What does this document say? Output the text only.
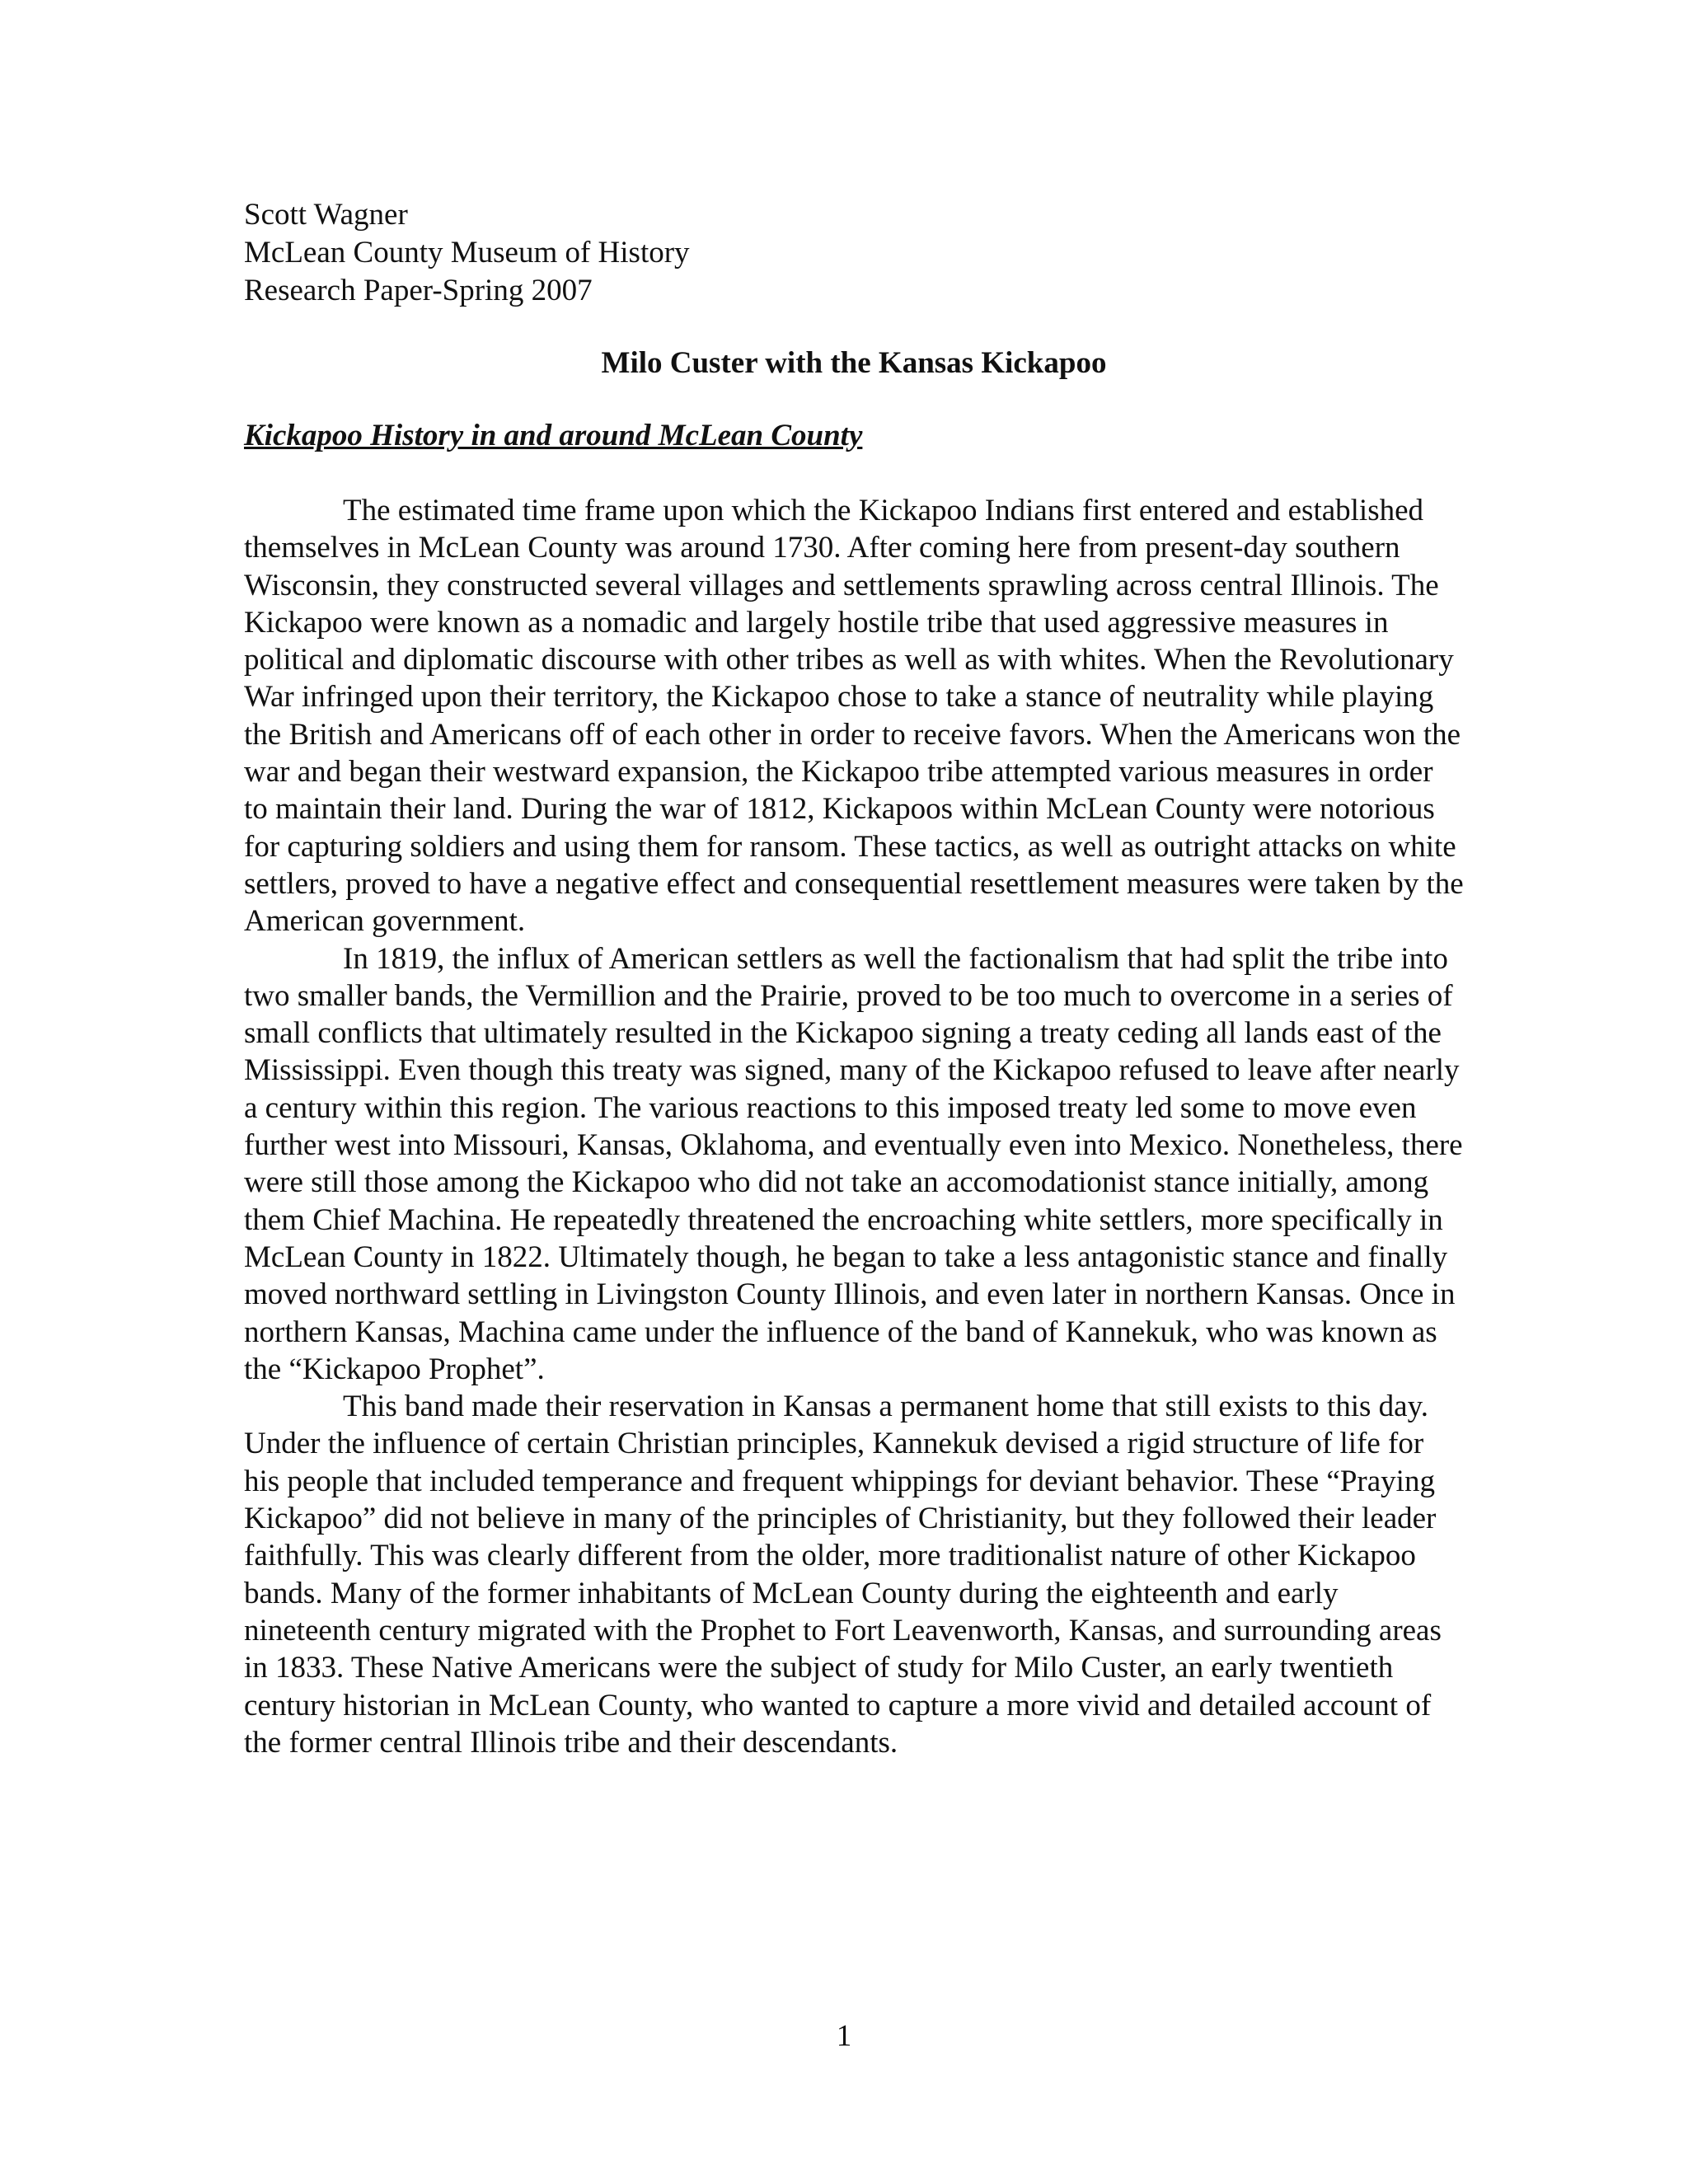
Scott Wagner

McLean County Museum of History

Research Paper-Spring 2007

Milo Custer with the Kansas Kickapoo
Kickapoo History in and around McLean County

The estimated time frame upon which the Kickapoo Indians first entered and established themselves in McLean County was around 1730. After coming here from present-day southern Wisconsin, they constructed several villages and settlements sprawling across central Illinois. The Kickapoo were known as a nomadic and largely hostile tribe that used aggressive measures in political and diplomatic discourse with other tribes as well as with whites. When the Revolutionary War infringed upon their territory, the Kickapoo chose to take a stance of neutrality while playing the British and Americans off of each other in order to receive favors. When the Americans won the war and began their westward expansion, the Kickapoo tribe attempted various measures in order to maintain their land. During the war of 1812, Kickapoos within McLean County were notorious for capturing soldiers and using them for ransom. These tactics, as well as outright attacks on white settlers, proved to have a negative effect and consequential resettlement measures were taken by the American government.

In 1819, the influx of American settlers as well the factionalism that had split the tribe into two smaller bands, the Vermillion and the Prairie, proved to be too much to overcome in a series of small conflicts that ultimately resulted in the Kickapoo signing a treaty ceding all lands east of the Mississippi. Even though this treaty was signed, many of the Kickapoo refused to leave after nearly a century within this region. The various reactions to this imposed treaty led some to move even further west into Missouri, Kansas, Oklahoma, and eventually even into Mexico. Nonetheless, there were still those among the Kickapoo who did not take an accomodationist stance initially, among them Chief Machina. He repeatedly threatened the encroaching white settlers, more specifically in McLean County in 1822. Ultimately though, he began to take a less antagonistic stance and finally moved northward settling in Livingston County Illinois, and even later in northern Kansas. Once in northern Kansas, Machina came under the influence of the band of Kannekuk, who was known as the “Kickapoo Prophet”.

This band made their reservation in Kansas a permanent home that still exists to this day. Under the influence of certain Christian principles, Kannekuk devised a rigid structure of life for his people that included temperance and frequent whippings for deviant behavior. These “Praying Kickapoo” did not believe in many of the principles of Christianity, but they followed their leader faithfully. This was clearly different from the older, more traditionalist nature of other Kickapoo bands. Many of the former inhabitants of McLean County during the eighteenth and early nineteenth century migrated with the Prophet to Fort Leavenworth, Kansas, and surrounding areas in 1833. These Native Americans were the subject of study for Milo Custer, an early twentieth century historian in McLean County, who wanted to capture a more vivid and detailed account of the former central Illinois tribe and their descendants.

1
